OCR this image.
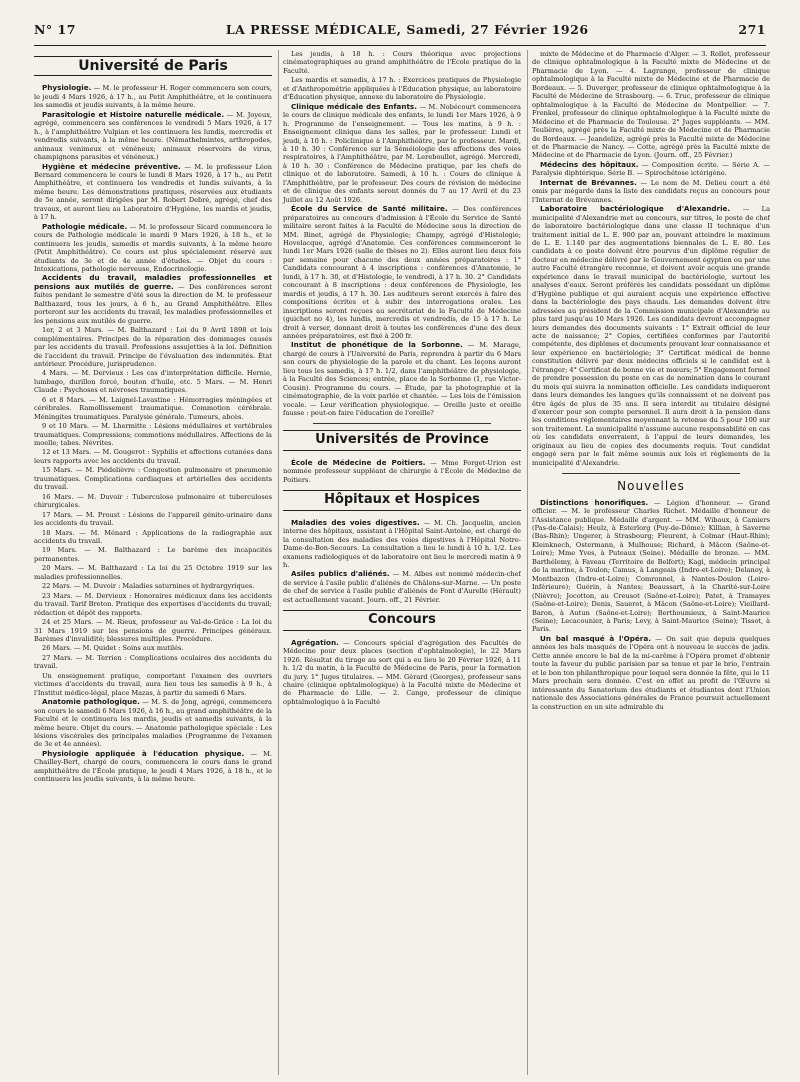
N° 17	LA PRESSE MÉDICALE, Samedi, 27 Février 1926	271
Université de Paris

Physiologie. — M. le professeur H. Roger commencera son cours, le jeudi 4 Mars 1926, à 17 h., au Petit Amphithéâtre, et le continuera les samedis et jeudis suivants, à la même heure.

Parasitologie et Histoire naturelle médicale. — M. Joyeux, agrégé, commencera ses conférences le vendredi 5 Mars 1926, à 17 h., à l'amphithéâtre Vulpian et les continuera les lundis, mercredis et vendredis suivants, à la même heure. (Némathelmintes, arthropodes, animaux venimeux et vénéneux; animaux réservoirs de virus, champignons parasites et vénéneux.)

Hygiène et médecine préventive. — M. le professeur Léon Bernard commencera le cours le lundi 8 Mars 1926, à 17 h., au Petit Amphithéâtre, et continuera les vendredis et lundis suivants, à la même heure. Les démonstrations pratiques, réservées aux étudiants de 5e année, seront dirigées par M. Robert Debré, agrégé, chef des travaux, et auront lieu au Laboratoire d'Hygiène, les mardis et jeudis, à 17 h.

Pathologie médicale. — M. le professeur Sicard commencera le cours de Pathologie médicale le mardi 9 Mars 1926, à 18 h., et le continuera les jeudis, samedis et mardis suivants, à la même heure (Petit Amphithéâtre). Ce cours est plus spécialement réservé aux étudiants de 3e et de 4e année d'études. — Objet du cours : Intoxications, pathologie nerveuse, Endocrinologie.

Accidents du travail, maladies professionnelles et pensions aux mutilés de guerre. — Des conférences seront faites pendant le semestre d'été sous la direction de M. le professeur Balthazard, tous les jours, à 6 h., au Grand Amphithéâtre. Elles porteront sur les accidents du travail, les maladies professionnelles et les pensions aux mutilés de guerre.

1er, 2 et 3 Mars. — M. Balthazard : Loi du 9 Avril 1898 et lois complémentaires. Principes de la réparation des dommages causés par les accidents du travail. Professions assujetties à la loi. Définition de l'accident du travail. Principe de l'évaluation des indemnités. État antérieur. Procédure, jurisprudence.

4 Mars. — M. Dervieux : Les cas d'interprétation difficile. Hernie, lumbago, durillon forcé, bouton d'huile, etc. 5 Mars. — M. Henri Claude : Psychoses et névroses traumatiques.

6 et 8 Mars. — M. Laignel-Lavastine : Hémorragies méningées et cérébrales. Ramollissement traumatique. Commotion cérébrale. Méningites traumatiques. Paralysie générale. Tumeurs, abcès.

9 et 10 Mars. — M. Lhermitte : Lésions médullaires et vertébrales traumatiques. Compressions; commotions médullaires. Affections de la moelle; tabes. Névrites.

12 et 13 Mars. — M. Gougerot : Syphilis et affections cutanées dans leurs rapports avec les accidents du travail.

15 Mars. — M. Piédelièvre : Congestion pulmonaire et pneumonie traumatiques. Complications cardiaques et artérielles des accidents du travail.

16 Mars. — M. Duvoir : Tuberculose pulmonaire et tuberculoses chirurgicales.

17 Mars. — M. Proust : Lésions de l'appareil génito-urinaire dans les accidents du travail.

18 Mars. — M. Ménard : Applications de la radiographie aux accidents du travail.

19 Mars. — M. Balthazard : Le barème des incapacités permanentes.

20 Mars. — M. Balthazard : La loi du 25 Octobre 1919 sur les maladies professionnelles.

22 Mars. — M. Duvoir : Maladies saturnines et hydrargyriques.

23 Mars. — M. Dervieux : Honoraires médicaux dans les accidents du travail. Tarif Breton. Pratique des expertises d'accidents du travail; rédaction et dépôt des rapports.

24 et 25 Mars. — M. Rieux, professeur au Val-de-Grâce : La loi du 31 Mars 1919 sur les pensions de guerre. Principes généraux. Barèmes d'invalidité; blessures multiples. Procédure.

26 Mars. — M. Quidet : Soins aux mutilés.

27 Mars. — M. Terrien : Complications oculaires des accidents du travail.

Un enseignement pratique, comportant l'examen des ouvriers victimes d'accidents du travail, aura lieu tous les samedis à 9 h., à l'Institut médico-légal, place Mazas, à partir du samedi 6 Mars.

Anatomie pathologique. — M. S. de Jong, agrégé, commencera son cours le samedi 6 Mars 1926, à 16 h., au grand amphithéâtre de la Faculté et le continuera les mardis, jeudis et samedis suivants, à la même heure. Objet du cours. — Anatomie pathologique spéciale : Les lésions viscérales des principales maladies (Programme de l'examen de 3e et 4e années).

Physiologie appliquée à l'éducation physique. — M. Chailley-Bert, chargé de cours, commencera le cours dans le grand amphithéâtre de l'École pratique, le jeudi 4 Mars 1926, à 18 h., et le continuera les jeudis suivants, à la même heure.

Les jeudis, à 18 h. : Cours théorique avec projections cinématographiques au grand amphithéâtre de l'École pratique de la Faculté.

Les mardis et samedis, à 17 h. : Exercices pratiques de Physiologie et d'Anthropométrie appliquées à l'Éducation physique, au laboratoire d'Éducation physique, annexe du laboratoire de Physiologie.

Clinique médicale des Enfants. — M. Nobécourt commencera le cours de clinique médicale des enfants, le lundi 1er Mars 1926, à 9 h. Programme de l'enseignement. — Tous les matins, à 9 h. : Enseignement clinique dans les salles, par le professeur. Lundi et jeudi, à 10 h. : Policlinique à l'Amphithéâtre, par le professeur. Mardi, à 10 h. 30 : Conférence sur la Séméiologie des affections des voies respiratoires, à l'Amphithéâtre, par M. Lereboullet, agrégé. Mercredi, à 10 h. 30 : Conférence de Médecine pratique, par les chefs de clinique et de laboratoire. Samedi, à 10 h. : Cours de clinique à l'Amphithéâtre, par le professeur. Des cours de révision de médecine et de clinique des enfants seront donnés du 7 au 17 Avril et du 23 Juillet au 12 Août 1926.

École du Service de Santé militaire. — Des conférences préparatoires au concours d'admission à l'École du Service de Santé militaire seront faites à la Faculté de Médecine sous la direction de MM. Binet, agrégé de Physiologie; Champy, agrégé d'Histologie; Hovelacque, agrégé d'Anatomie. Ces conférences commenceront le lundi 1er Mars 1926 (salle de thèses no 2). Elles auront lieu deux fois par semaine pour chacune des deux années préparatoires : 1° Candidats concourant à 4 inscriptions : conférences d'Anatomie, le lundi, à 17 h. 30, et d'Histologie, le vendredi, à 17 h. 30. 2° Candidats concourant à 8 inscriptions : deux conférences de Physiologie, les mardis et jeudis, à 17 h. 30. Les auditeurs seront exercés à faire des compositions écrites et à subir des interrogations orales. Les inscriptions seront reçues au secrétariat de la Faculté de Médecine (guichet no 4), les lundis, mercredis et vendredis, de 15 à 17 h. Le droit à verser, donnant droit à toutes les conférences d'une des deux années préparatoires, est fixé à 200 fr.

Institut de phonétique de la Sorbonne. — M. Marage, chargé de cours à l'Université de Paris, reprendra à partir du 6 Mars son cours de physiologie de la parole et du chant. Les leçons auront lieu tous les samedis, à 17 h. 1/2, dans l'amphithéâtre de physiologie, à la Faculté des Sciences; entrée, place de la Sorbonne (1, rue Victor-Cousin). Programme du cours. — Étude, par la photographie et la cinématographie, de la voix parlée et chantée. — Les lois de l'émission vocale. — Leur vérification physiologique. — Oreille juste et oreille fausse : peut-on faire l'éducation de l'oreille?

Universités de Province

École de Médecine de Poitiers. — Mme Forget-Urion est nommée professeur suppléant de chirurgie à l'École de Médecine de Poitiers.

Hôpitaux et Hospices

Maladies des voies digestives. — M. Ch. Jacquelin, ancien interne des hôpitaux, assistant à l'Hôpital Saint-Antoine, est chargé de la consultation des maladies des voies digestives à l'Hôpital Notre-Dame-de-Bon-Secours. La consultation a lieu le lundi à 10 h. 1/2. Les examens radiologiques et de laboratoire ont lieu le mercredi matin à 9 h.

Asiles publics d'aliénés. — M. Albes est nommé médecin-chef de service à l'asile public d'aliénés de Châlons-sur-Marne. — Un poste de chef de service à l'asile public d'aliénés de Font d'Aurelle (Hérault) est actuellement vacant. Journ. off., 21 Février.

Concours

Agrégation. — Concours spécial d'agrégation des Facultés de Médecine pour deux places (section d'ophtalmologie), le 22 Mars 1926. Résultat du tirage au sort qui a eu lieu le 20 Février 1926, à 11 h. 1/2 du matin, à la Faculté de Médecine de Paris, pour la formation du jury. 1° Juges titulaires. — MM. Gérard (Georges), professeur sans chaire (clinique ophtalmologique) à la Faculté mixte de Médecine et de Pharmacie de Lille. — 2. Cange, professeur de clinique ophtalmologique à la Faculté

mixte de Médecine et de Pharmacie d'Alger. — 3. Rollet, professeur de clinique ophtalmologique à la Faculté mixte de Médecine et de Pharmacie de Lyon. — 4. Lagrange, professeur de clinique ophtalmologique à la Faculté mixte de Médecine et de Pharmacie de Bordeaux. — 5. Duverger, professeur de clinique ophtalmologique à la Faculté de Médecine de Strasbourg. — 6. Truc, professeur de clinique ophtalmologique à la Faculté de Médecine de Montpellier. — 7. Frenkel, professeur de clinique ophtalmologique à la Faculté mixte de Médecine et de Pharmacie de Toulouse. 2° Juges suppléants. — MM. Teulières, agrégé près la Faculté mixte de Médecine et de Pharmacie de Bordeaux. — Jeandelize, agrégé près la Faculté mixte de Médecine et de Pharmacie de Nancy. — Cotte, agrégé près la Faculté mixte de Médecine et de Pharmacie de Lyon. (Journ. off., 25 Février.)

Médecins des hôpitaux. — Composition écrite. — Série A. — Paralysie diphtérique. Série B. — Spirochétose ictérigène.

Internat de Brévannes. — Le nom de M. Delieu court a été omis par mégarde dans la liste des candidats reçus au concours pour l'Internat de Brévannes.

Laboratoire bactériologique d'Alexandrie. — La municipalité d'Alexandrie met au concours, sur titres, le poste de chef de laboratoire bactériologique dans une classe II technique d'un traitement initial de L. E. 900 par an, pouvant atteindre le maximum de L. E. 1.140 par des augmentations biennales de L. E. 80. Les candidats à ce poste doivent être pourvus d'un diplôme régulier de docteur en médecine délivré par le Gouvernement égyptien ou par une autre Faculté étrangère reconnue, et doivent avoir acquis une grande expérience dans le travail municipal de bactériologie, surtout les analyses d'eaux. Seront préférés les candidats possédant un diplôme d'Hygiène publique et qui auraient acquis une expérience effective dans la bactériologie des pays chauds. Les demandes doivent être adressées au président de la Commission municipale d'Alexandrie au plus tard jusqu'au 10 Mars 1926. Les candidats devront accompagner leurs demandes des documents suivants : 1° Extrait officiel de leur acte de naissance; 2° Copies, certifiées conformes par l'autorité compétente, des diplômes et documents prouvant leur connaissance et leur expérience en bactériologie; 3° Certificat médical de bonne constitution délivré par deux médecins officiels si le candidat est à l'étranger; 4° Certificat de bonne vie et mœurs; 5° Engagement formel de prendre possession du poste en cas de nomination dans le courant du mois qui suivra la nomination officielle. Les candidats indiqueront dans leurs demandes les langues qu'ils connaissent et ne doivent pas être âgés de plus de 35 ans. Il sera interdit au titulaire désigné d'exercer pour son compte personnel. Il aura droit à la pension dans les conditions réglementaires moyennant la retenue du 5 pour 100 sur son traitement. La municipalité n'assume aucune responsabilité en cas où les candidats enverraient, à l'appui de leurs demandes, les originaux au lieu de copies des documents requis. Tout candidat engagé sera par le fait même soumis aux lois et règlements de la municipalité d'Alexandrie.

Nouvelles

Distinctions honorifiques. — Légion d'honneur. — Grand officier. — M. le professeur Charles Richet. Médaille d'honneur de l'Assistance publique. Médaille d'argent. — MM. Wibaux, à Camiers (Pas-de-Calais); Heulz, à Esterlorg (Puy-de-Dôme); Killian, à Saverne (Bas-Rhin); Ungerer, à Strasbourg; Fleurent, à Colmar (Haut-Rhin); Kleinknech, Ostermann, à Mulhouse; Richard, à Mâcon (Saône-et-Loire); Mme Yves, à Puteaux (Seine). Médaille de bronze. — MM. Barthélemy, à Faveau (Territoire de Belfort); Kagi, médecin principal de la marine, à Toulon; Camus, à Langeais (Indre-et-Loire); Delanoy, à Montbazon (Indre-et-Loire); Comronnel, à Nantes-Doulon (Loire-Inférieure); Guérin, à Nantes; Beaussart, à la Charité-sur-Loire (Nièvre); Jocotton, au Creusot (Saône-et-Loire); Patet, à Tramayes (Saône-et-Loire); Denis, Sauerot, à Mâcon (Saône-et-Loire); Vieillard-Baron, à Autun (Saône-et-Loire); Berthoumieux, à Saint-Maurice (Seine); Lecacounier, à Paris; Levy, à Saint-Maurice (Seine); Tissot, à Paris.

Un bal masqué à l'Opéra. — On sait que depuis quelques années les bals masqués de l'Opéra ont à nouveau le succès de jadis. Cette année encore le bal de la mi-carême à l'Opéra promet d'obtenir toute la faveur du public parisien par sa tenue et par le brio, l'entrain et le bon ton philanthropique pour lequel sera donnée la fête, qui le 11 Mars prochain sera donnée. C'est en effet au profit de l'Œuvre si intéressante du Sanatorium des étudiants et étudiantes dont l'Union nationale des Associations générales de France poursuit actuellement la construction en un site admirable du
